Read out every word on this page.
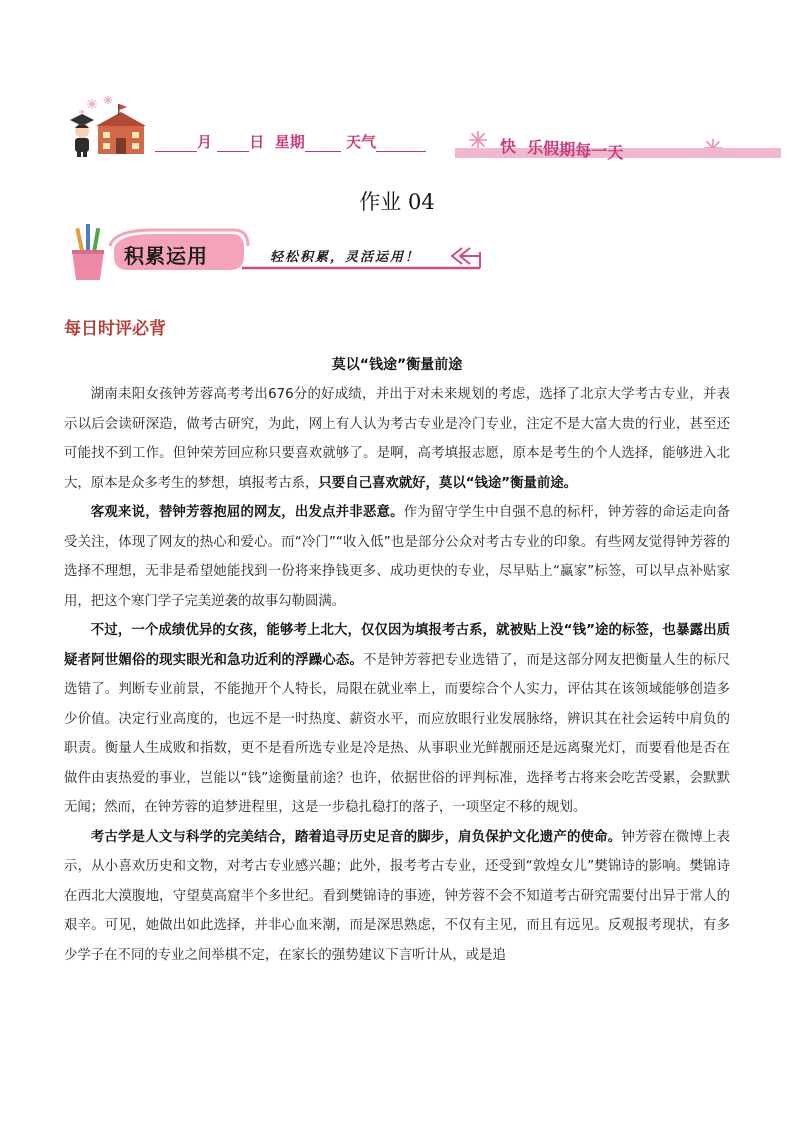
月 日 星期	天气	快 乐假期每一天
作业 04
积累运用	轻松积累，灵活运用！
每日时评必背
莫以“钱途”衡量前途

湖南耒阳女孩钟芳蓉高考考出676分的好成绩，并出于对未来规划的考虑，选择了北京大学考古专业，并表示以后会读研深造，做考古研究，为此，网上有人认为考古专业是冷门专业，注定不是大富大贵的行业，甚至还可能找不到工作。但钟荣芳回应称只要喜欢就够了。是啊，高考填报志愿，原本是考生的个人选择，能够进入北大，原本是众多考生的梦想，填报考古系，只要自己喜欢就好，莫以“钱途”衡量前途。

客观来说，替钟芳蓉抱屈的网友，出发点并非恶意。作为留守学生中自强不息的标杆，钟芳蓉的命运走向备受关注，体现了网友的热心和爱心。而“冷门”“收入低”也是部分公众对考古专业的印象。有些网友觉得钟芳蓉的选择不理想，无非是希望她能找到一份将来挣钱更多、成功更快的专业，尽早贴上“赢家”标签，可以早点补贴家用，把这个寒门学子完美逆袭的故事勾勒圆满。

不过，一个成绩优异的女孩，能够考上北大，仅仅因为填报考古系，就被贴上没“钱”途的标签，也暴露出质疑者阿世媚俗的现实眼光和急功近利的浮躁心态。不是钟芳蓉把专业选错了，而是这部分网友把衡量人生的标尺选错了。判断专业前景，不能抛开个人特长，局限在就业率上，而要综合个人实力，评估其在该领域能够创造多少价值。决定行业高度的，也远不是一时热度、薪资水平，而应放眼行业发展脉络，辨识其在社会运转中肩负的职责。衡量人生成败和指数，更不是看所选专业是冷是热、从事职业光鲜靓丽还是远离聚光灯，而要看他是否在做件由衷热爱的事业，岂能以“钱”途衡量前途？也许，依据世俗的评判标准，选择考古将来会吃苦受累，会默默无闻；然而，在钟芳蓉的追梦进程里，这是一步稳扎稳打的落子，一项坚定不移的规划。

考古学是人文与科学的完美结合，踏着追寻历史足音的脚步，肩负保护文化遗产的使命。钟芳蓉在微博上表示，从小喜欢历史和文物，对考古专业感兴趣；此外，报考考古专业，还受到“敦煌女儿”樊锦诗的影响。樊锦诗在西北大漠腹地，守望莫高窟半个多世纪。看到樊锦诗的事迹，钟芳蓉不会不知道考古研究需要付出异于常人的艰辛。可见，她做出如此选择，并非心血来潮，而是深思熟虑，不仅有主见，而且有远见。反观报考现状，有多少学子在不同的专业之间举棋不定，在家长的强势建议下言听计从，或是追
